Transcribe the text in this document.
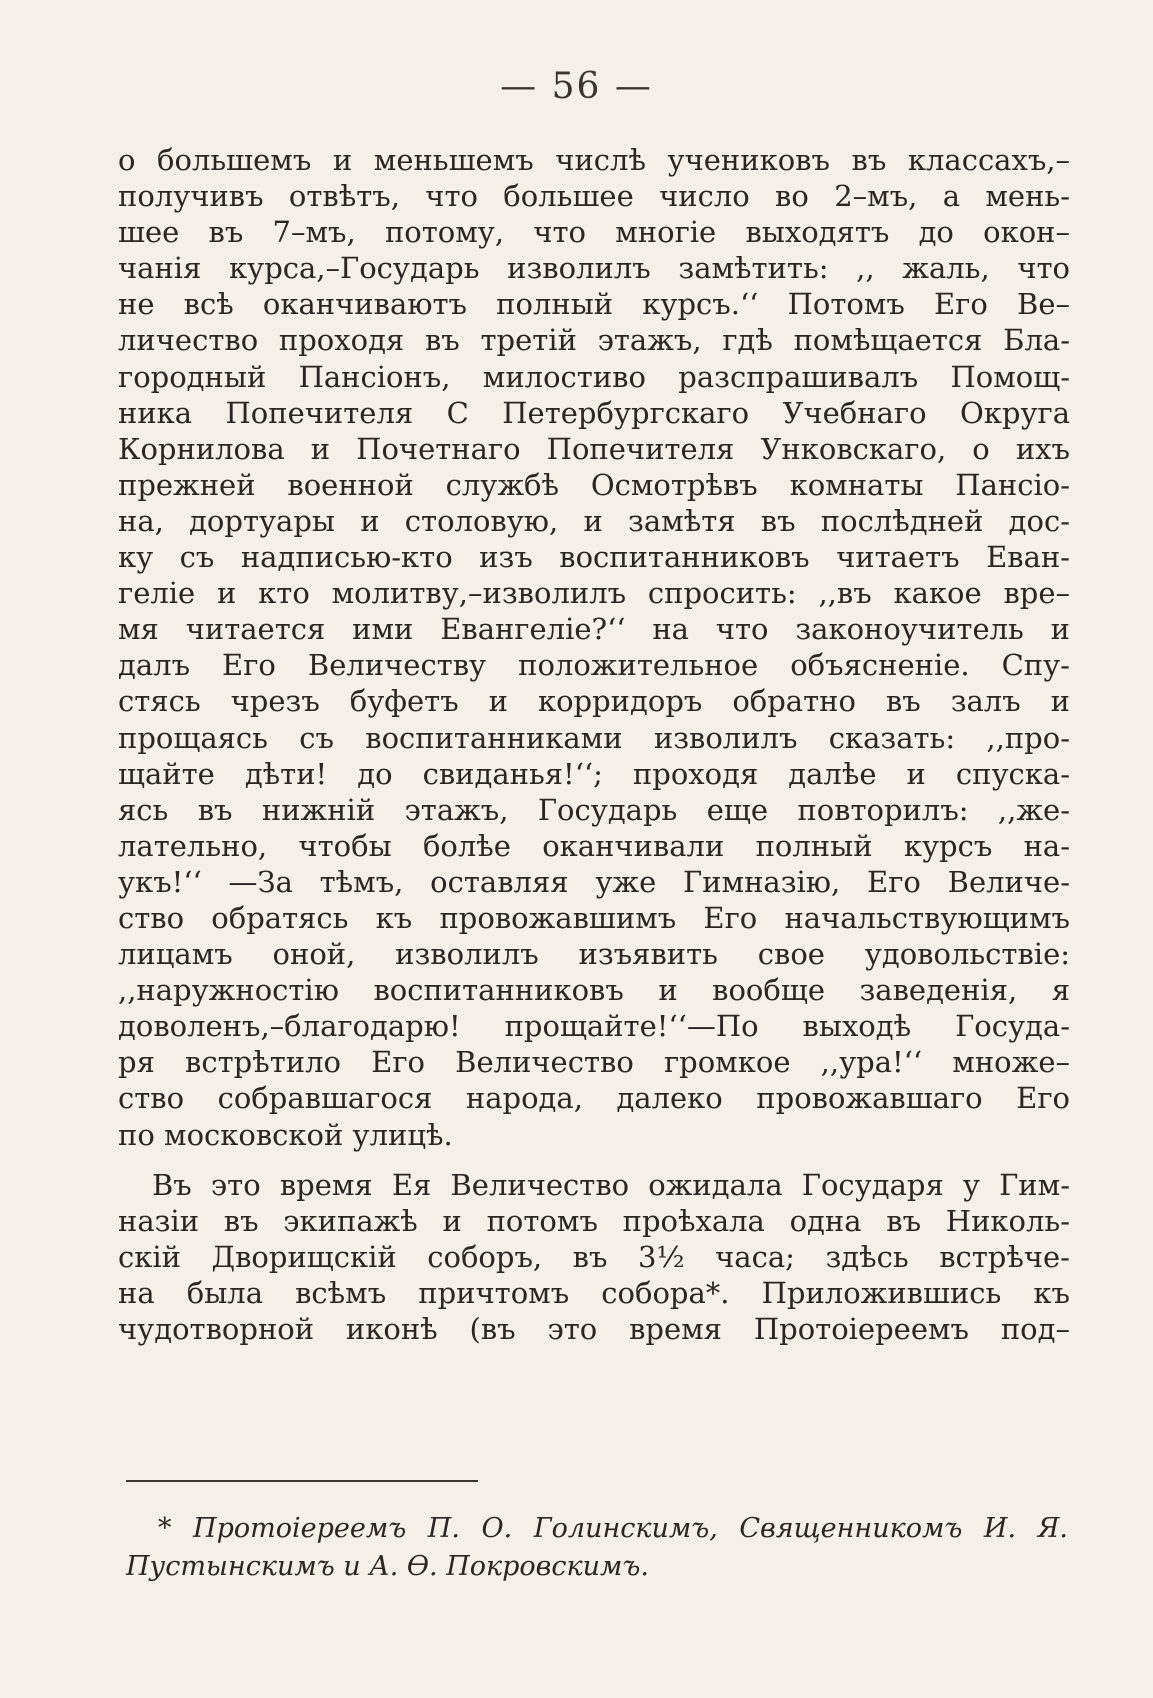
— 56 —
о большемъ и меньшемъ числѣ учениковъ въ классахъ,–
получивъ отвѣтъ, что большее число во 2–мъ, а мень-
шее въ 7–мъ, потому, что многіе выходятъ до окон–
чанія курса,–Государь изволилъ замѣтить: ,, жаль, что
не всѣ оканчиваютъ полный курсъ.‘‘ Потомъ Его Ве–
личество проходя въ третій этажъ, гдѣ помѣщается Бла-
городный Пансіонъ, милостиво разспрашивалъ Помощ-
ника Попечителя С Петербургскаго Учебнаго Округа
Корнилова и Почетнаго Попечителя Унковскаго, о ихъ
прежней военной службѣ Осмотрѣвъ комнаты Пансіо-
на, дортуары и столовую, и замѣтя въ послѣдней дос-
ку съ надписью-кто изъ воспитанниковъ читаетъ Еван-
геліе и кто молитву,–изволилъ спросить: ,,въ какое вре–
мя читается ими Евангеліе?‘‘ на что законоучитель и
далъ Его Величеству положительное объясненіе. Спу-
стясь чрезъ буфетъ и корридоръ обратно въ залъ и
прощаясь съ воспитанниками изволилъ сказать: ,,про-
щайте дѣти! до свиданья!‘‘; проходя далѣе и спуска-
ясь въ нижній этажъ, Государь еще повторилъ: ,,же-
лательно, чтобы болѣе оканчивали полный курсъ на-
укъ!‘‘ —За тѣмъ, оставляя уже Гимназію, Его Величе-
ство обратясь къ провожавшимъ Его начальствующимъ
лицамъ оной, изволилъ изъявить свое удовольствіе:
,,наружностію воспитанниковъ и вообще заведенія, я
доволенъ,–благодарю! прощайте!‘‘—По выходѣ Госуда-
ря встрѣтило Его Величество громкое ,,ура!‘‘ множе–
ство собравшагося народа, далеко провожавшаго Его
по московской улицѣ.
Въ это время Ея Величество ожидала Государя у Гим-
назіи въ экипажѣ и потомъ проѣхала одна въ Николь-
скій Дворищскій соборъ, въ 3½ часа; здѣсь встрѣче-
на была всѣмъ причтомъ собора*. Приложившись къ
чудотворной иконѣ (въ это время Протоіереемъ под–
* Протоіереемъ П. О. Голинскимъ, Священникомъ И. Я.
Пустынскимъ и А. Ѳ. Покровскимъ.
